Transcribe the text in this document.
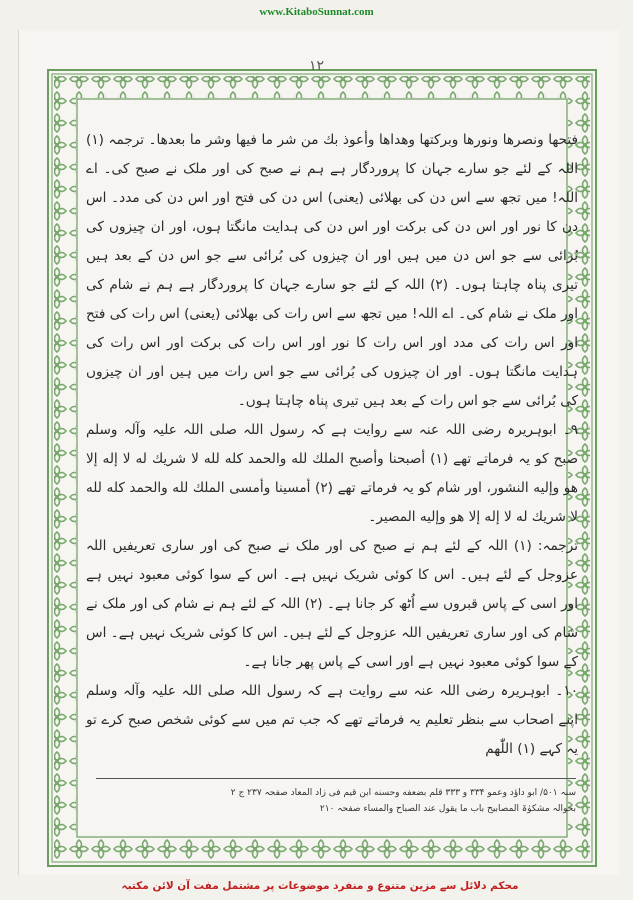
www.KitaboSunnat.com
۱۲

فتحها ونصرها ونورها وبركتها وهداها وأعوذ بك من شر ما فيها وشر ما بعدها۔ ترجمہ (۱) اللہ کے لئے جو سارے جہان کا پروردگار ہے ہم نے صبح کی اور ملک نے صبح کی۔ اے اللہ! میں تجھ سے اس دن کی بھلائی (یعنی) اس دن کی فتح اور اس دن کی مدد۔ اس دن کا نور اور اس دن کی برکت اور اس دن کی ہدایت مانگتا ہوں، اور ان چیزوں کی بُرائی سے جو اس دن میں ہیں اور ان چیزوں کی بُرائی سے جو اس دن کے بعد ہیں تیری پناہ چاہتا ہوں۔ (۲) اللہ کے لئے جو سارے جہان کا پروردگار ہے ہم نے شام کی اور ملک نے شام کی۔ اے اللہ! میں تجھ سے اس رات کی بھلائی (یعنی) اس رات کی فتح اور اس رات کی مدد اور اس رات کا نور اور اس رات کی برکت اور اس رات کی ہدایت مانگتا ہوں۔ اور ان چیزوں کی بُرائی سے جو اس رات میں ہیں اور ان چیزوں کی بُرائی سے جو اس رات کے بعد ہیں تیری پناہ چاہتا ہوں۔

۹۔ ابوہریرہ رضی اللہ عنہ سے روایت ہے کہ رسول اللہ صلی اللہ علیہ وآلہ وسلم صبح کو یہ فرماتے تھے (۱) أصبحنا وأصبح الملك لله والحمد كله لله لا شريك له لا إله إلا هو وإليه النشور، اور شام کو یہ فرماتے تھے (۲) أمسينا وأمسى الملك لله والحمد كله لله لا شريك له لا إله إلا هو وإليه المصير۔

ترجمہ: (۱) اللہ کے لئے ہم نے صبح کی اور ملک نے صبح کی اور ساری تعریفیں اللہ عزوجل کے لئے ہیں۔ اس کا کوئی شریک نہیں ہے۔ اس کے سوا کوئی معبود نہیں ہے اور اسی کے پاس قبروں سے اُٹھ کر جانا ہے۔ (۲) اللہ کے لئے ہم نے شام کی اور ملک نے شام کی اور ساری تعریفیں اللہ عزوجل کے لئے ہیں۔ اس کا کوئی شریک نہیں ہے۔ اس کے سوا کوئی معبود نہیں ہے اور اسی کے پاس پھر جانا ہے۔

۱۰۔ ابوہریرہ رضی اللہ عنہ سے روایت ہے کہ رسول اللہ صلی اللہ علیہ وآلہ وسلم اپنے اصحاب سے بنظر تعلیم یہ فرماتے تھے کہ جب تم میں سے کوئی شخص صبح کرے تو یہ کہے (۱) اللّٰھم

سنہ ۵۰۱/ ابو داؤد وعمو ۳۳۴ و ۳۳۳ قلم بضعفه وحسنه ابن قیم فی زاد المعاد صفحہ ۲۳۷ ج ۲
بحوالہ مشکوٰۃ المصابیح باب ما یقول عند الصباح والمساء صفحہ ۲۱۰
محکم دلائل سے مزین متنوع و منفرد موضوعات پر مشتمل مفت آن لائن مکتبہ
